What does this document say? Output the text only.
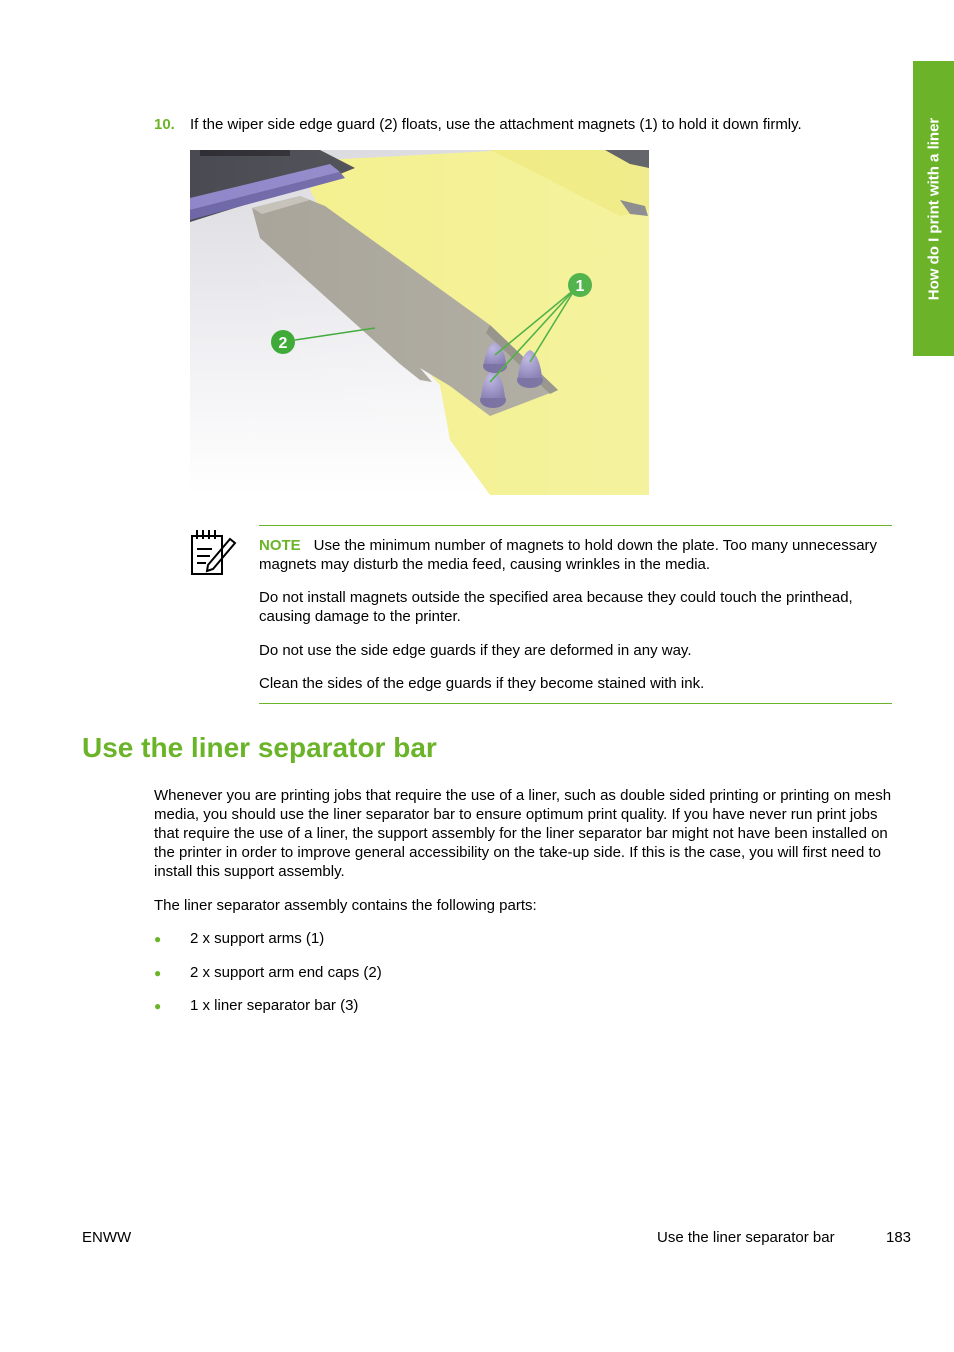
How do I print with a liner
10. If the wiper side edge guard (2) floats, use the attachment magnets (1) to hold it down firmly.

NOTE Use the minimum number of magnets to hold down the plate. Too many unnecessary magnets may disturb the media feed, causing wrinkles in the media.

Do not install magnets outside the specified area because they could touch the printhead, causing damage to the printer.

Do not use the side edge guards if they are deformed in any way.

Clean the sides of the edge guards if they become stained with ink.

Use the liner separator bar

Whenever you are printing jobs that require the use of a liner, such as double sided printing or printing on mesh media, you should use the liner separator bar to ensure optimum print quality. If you have never run print jobs that require the use of a liner, the support assembly for the liner separator bar might not have been installed on the printer in order to improve general accessibility on the take-up side. If this is the case, you will first need to install this support assembly.

The liner separator assembly contains the following parts:

● 2 x support arms (1)
● 2 x support arm end caps (2)
● 1 x liner separator bar (3)
ENWW	Use the liner separator bar	183
